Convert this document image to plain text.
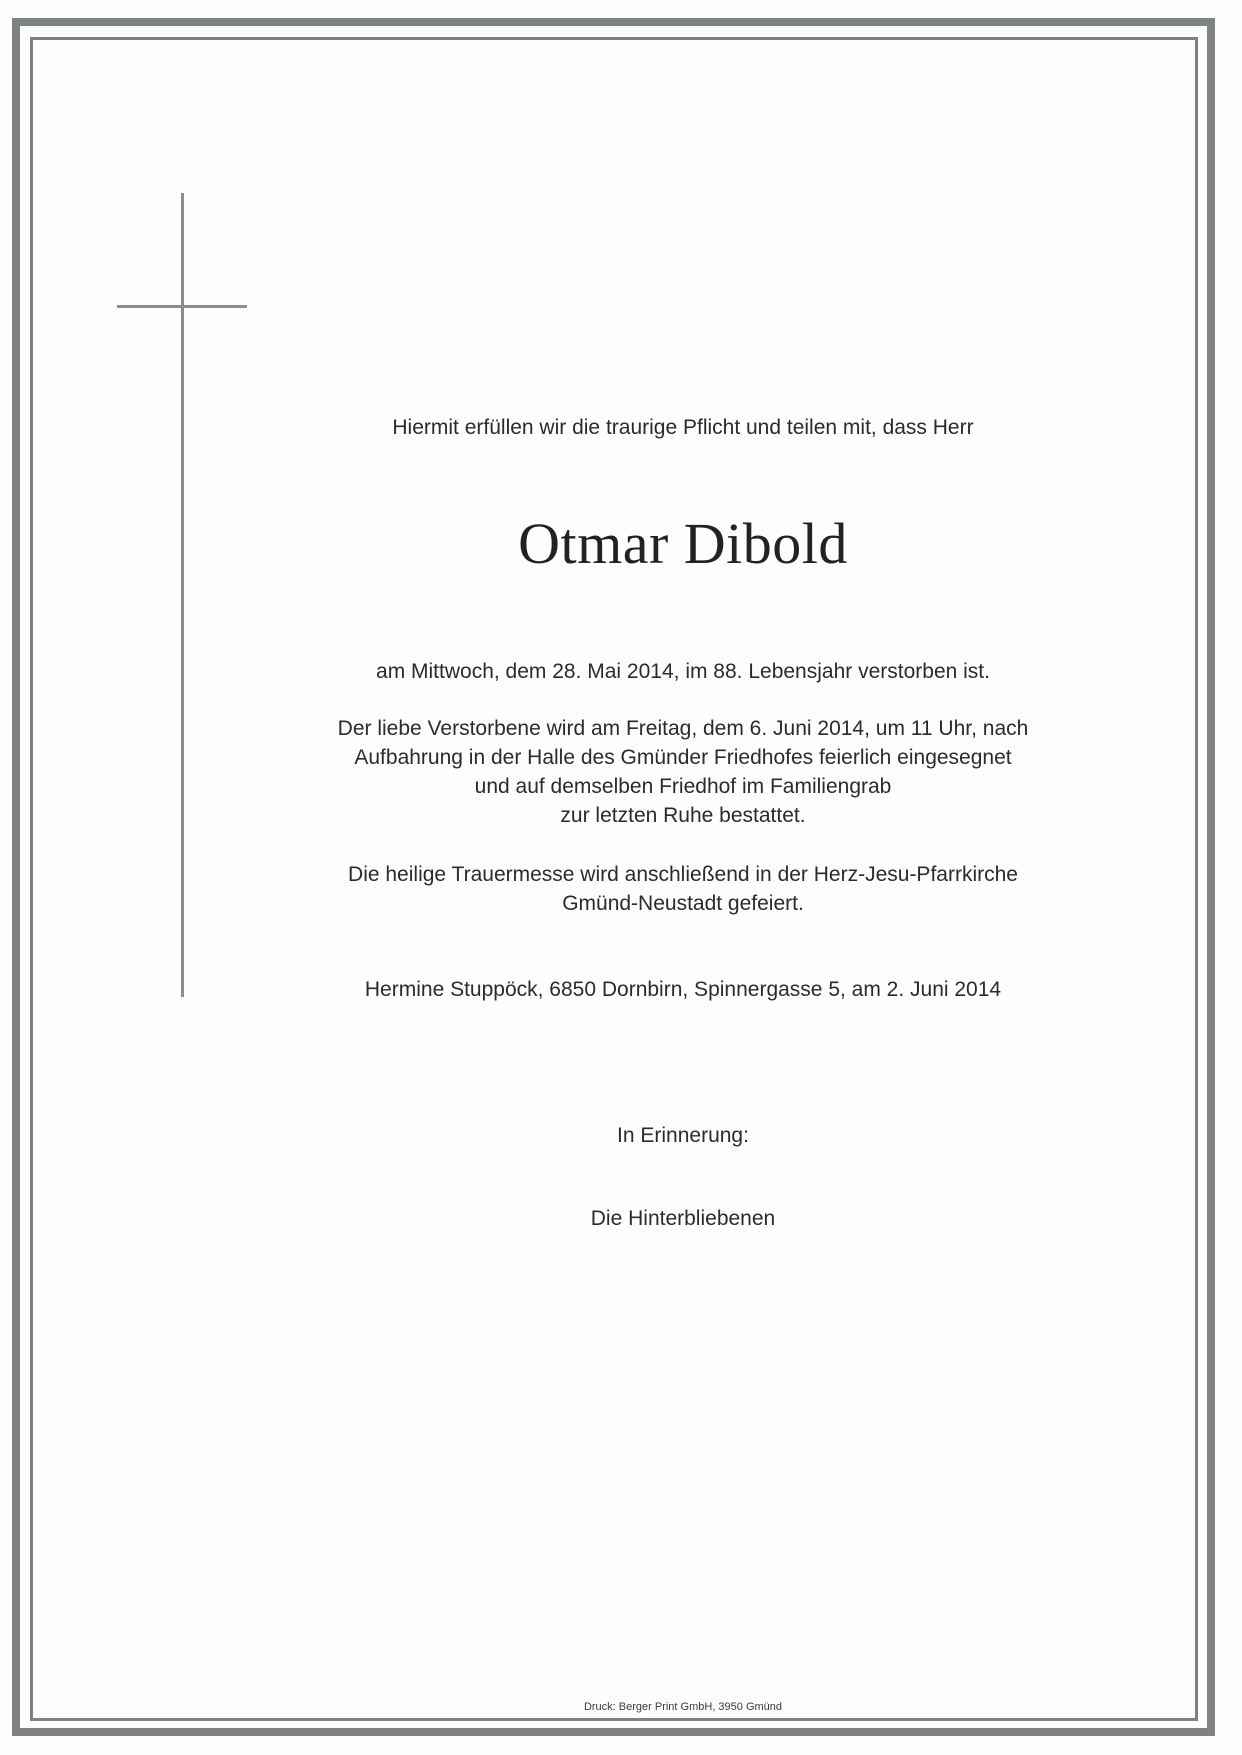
Hiermit erfüllen wir die traurige Pflicht und teilen mit, dass Herr
Otmar Dibold
am Mittwoch, dem 28. Mai 2014, im 88. Lebensjahr verstorben ist.
Der liebe Verstorbene wird am Freitag, dem 6. Juni 2014, um 11 Uhr, nach
Aufbahrung in der Halle des Gmünder Friedhofes feierlich eingesegnet
und auf demselben Friedhof im Familiengrab
zur letzten Ruhe bestattet.
Die heilige Trauermesse wird anschließend in der Herz-Jesu-Pfarrkirche
Gmünd-Neustadt gefeiert.
Hermine Stuppöck, 6850 Dornbirn, Spinnergasse 5, am 2. Juni 2014
In Erinnerung:
Die Hinterbliebenen
Druck: Berger Print GmbH, 3950 Gmünd
